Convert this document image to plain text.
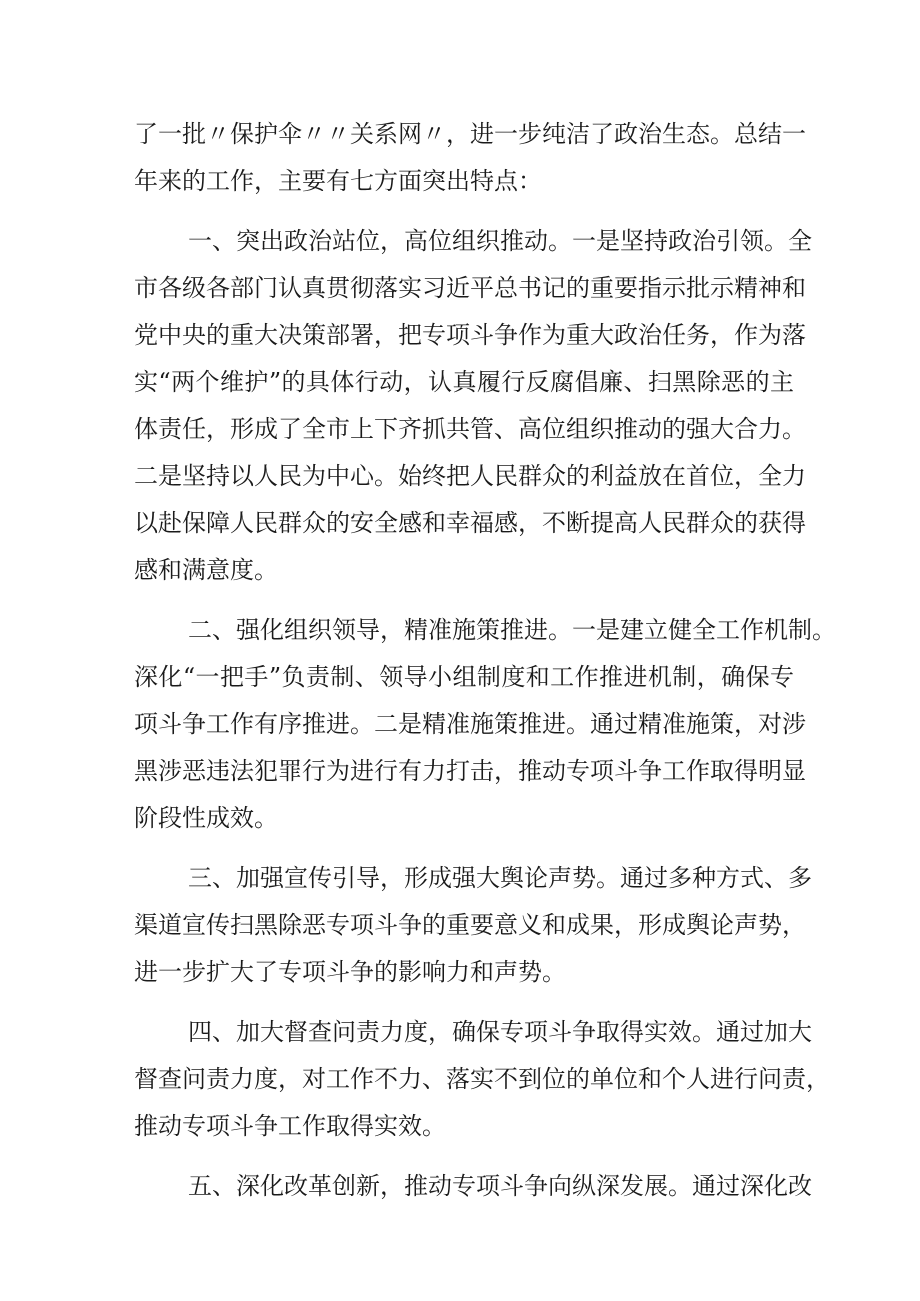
了一批〃保护伞〃〃关系网〃，进一步纯洁了政治生态。总结一
年来的工作，主要有七方面突出特点：
一、突出政治站位，高位组织推动。一是坚持政治引领。全
市各级各部门认真贯彻落实习近平总书记的重要指示批示精神和
党中央的重大决策部署，把专项斗争作为重大政治任务，作为落
实“两个维护”的具体行动，认真履行反腐倡廉、扫黑除恶的主
体责任，形成了全市上下齐抓共管、高位组织推动的强大合力。
二是坚持以人民为中心。始终把人民群众的利益放在首位，全力
以赴保障人民群众的安全感和幸福感，不断提高人民群众的获得
感和满意度。
二、强化组织领导，精准施策推进。一是建立健全工作机制。
深化“一把手”负责制、领导小组制度和工作推进机制，确保专
项斗争工作有序推进。二是精准施策推进。通过精准施策，对涉
黑涉恶违法犯罪行为进行有力打击，推动专项斗争工作取得明显
阶段性成效。
三、加强宣传引导，形成强大舆论声势。通过多种方式、多
渠道宣传扫黑除恶专项斗争的重要意义和成果，形成舆论声势，
进一步扩大了专项斗争的影响力和声势。
四、加大督查问责力度，确保专项斗争取得实效。通过加大
督查问责力度，对工作不力、落实不到位的单位和个人进行问责，
推动专项斗争工作取得实效。
五、深化改革创新，推动专项斗争向纵深发展。通过深化改
